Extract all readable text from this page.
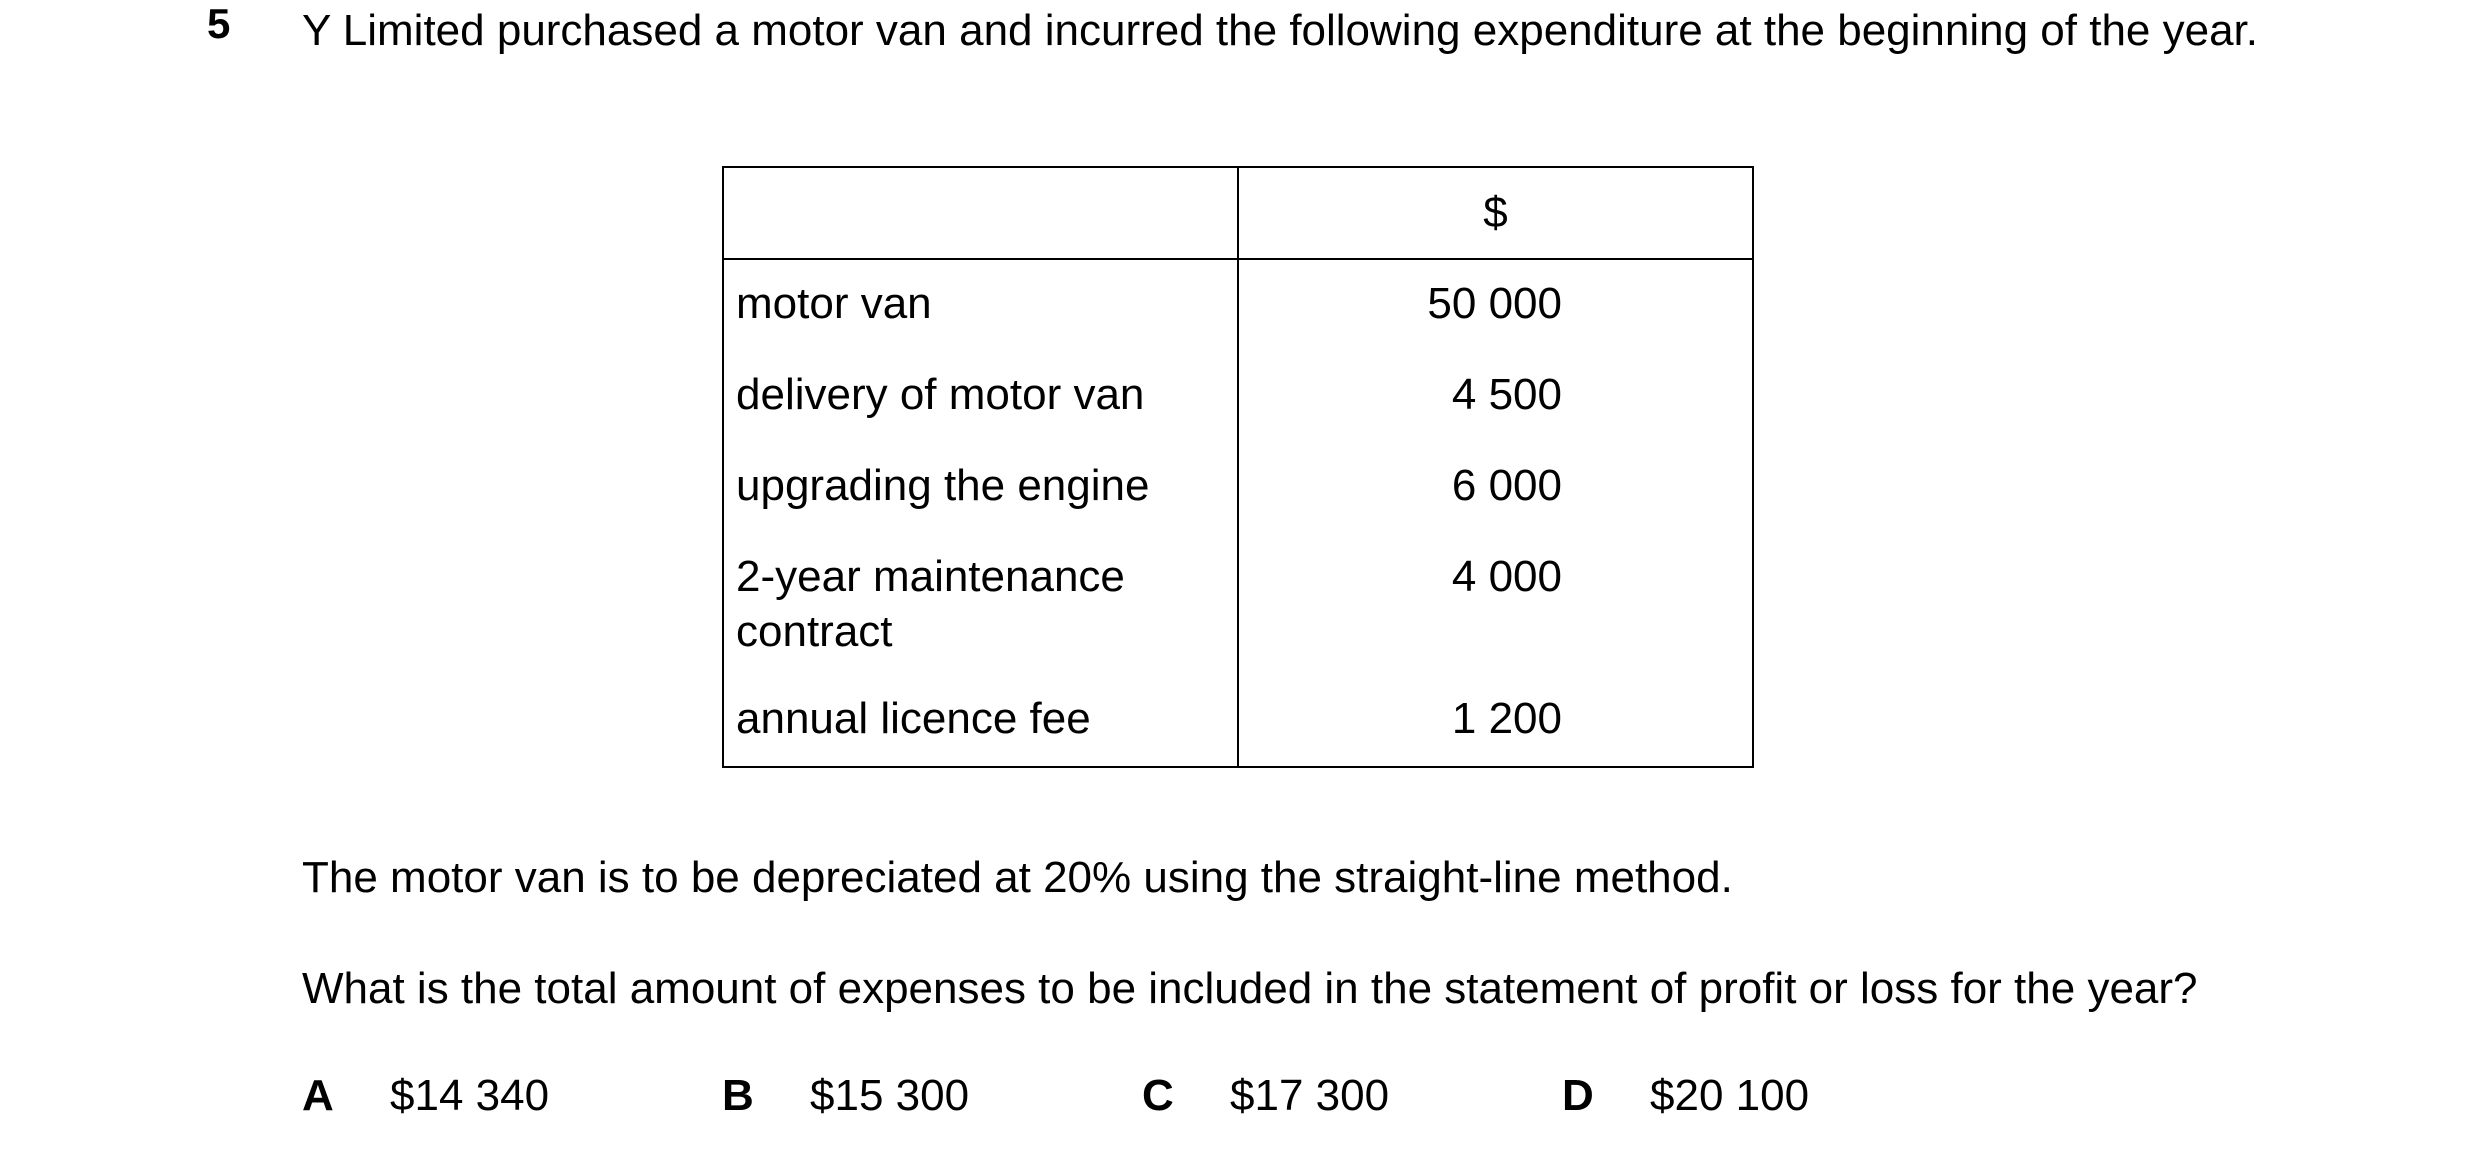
5 Y Limited purchased a motor van and incurred the following expenditure at the beginning of the year.
	$
motor van	50 000
delivery of motor van	4 500
upgrading the engine	6 000
2-year maintenance contract	4 000
annual licence fee	1 200
The motor van is to be depreciated at 20% using the straight-line method.
What is the total amount of expenses to be included in the statement of profit or loss for the year?
A $14 340	B $15 300	C $17 300	D $20 100
